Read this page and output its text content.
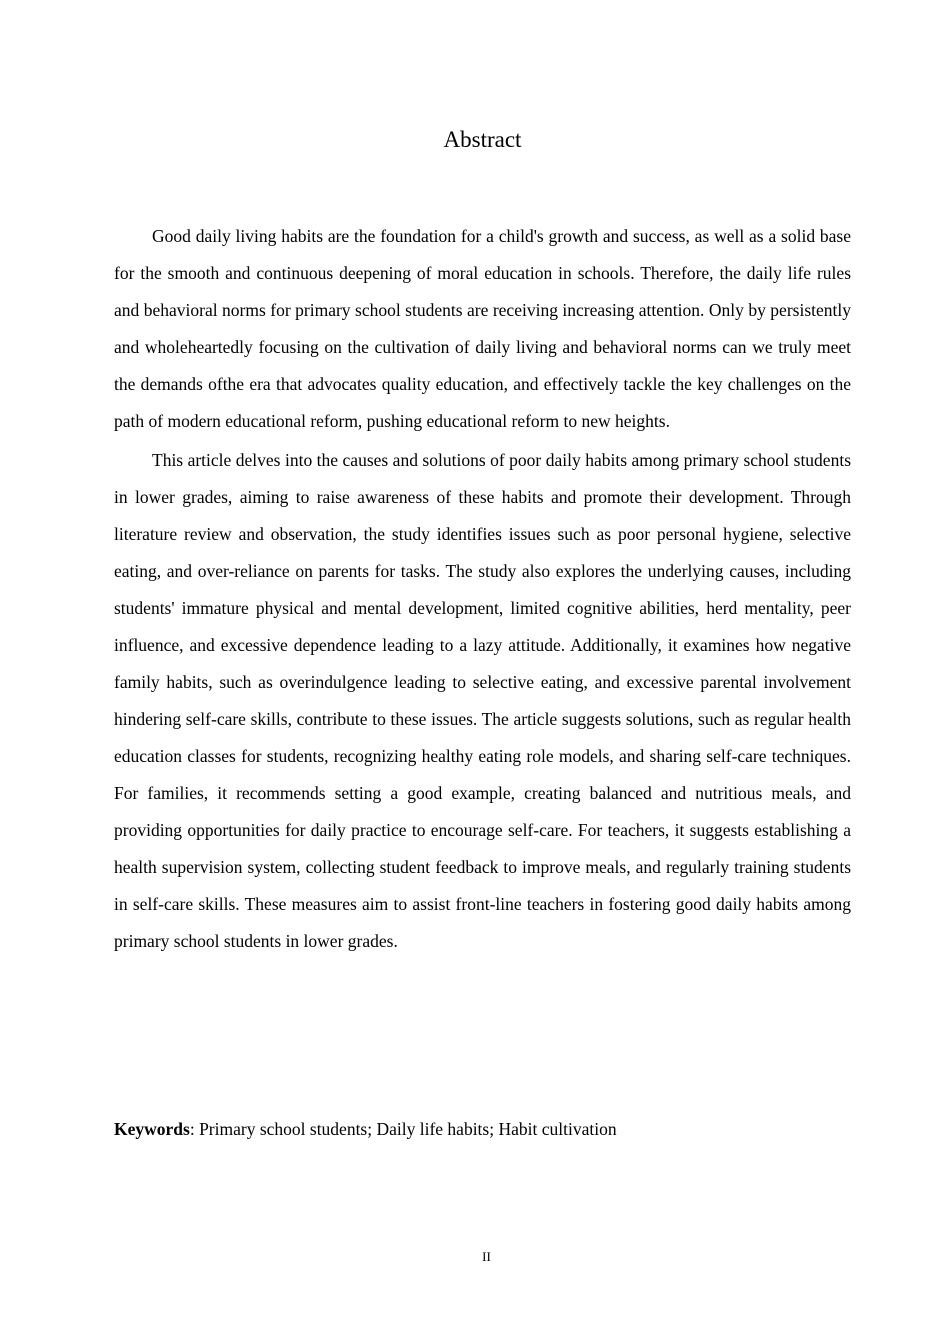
Abstract

Good daily living habits are the foundation for a child's growth and success, as well as a solid base for the smooth and continuous deepening of moral education in schools. Therefore, the daily life rules and behavioral norms for primary school students are receiving increasing attention. Only by persistently and wholeheartedly focusing on the cultivation of daily living and behavioral norms can we truly meet the demands ofthe era that advocates quality education, and effectively tackle the key challenges on the path of modern educational reform, pushing educational reform to new heights.

This article delves into the causes and solutions of poor daily habits among primary school students in lower grades, aiming to raise awareness of these habits and promote their development. Through literature review and observation, the study identifies issues such as poor personal hygiene, selective eating, and over-reliance on parents for tasks. The study also explores the underlying causes, including students' immature physical and mental development, limited cognitive abilities, herd mentality, peer influence, and excessive dependence leading to a lazy attitude. Additionally, it examines how negative family habits, such as overindulgence leading to selective eating, and excessive parental involvement hindering self-care skills, contribute to these issues. The article suggests solutions, such as regular health education classes for students, recognizing healthy eating role models, and sharing self-care techniques. For families, it recommends setting a good example, creating balanced and nutritious meals, and providing opportunities for daily practice to encourage self-care. For teachers, it suggests establishing a health supervision system, collecting student feedback to improve meals, and regularly training students in self-care skills. These measures aim to assist front-line teachers in fostering good daily habits among primary school students in lower grades.

Keywords: Primary school students; Daily life habits; Habit cultivation

II
